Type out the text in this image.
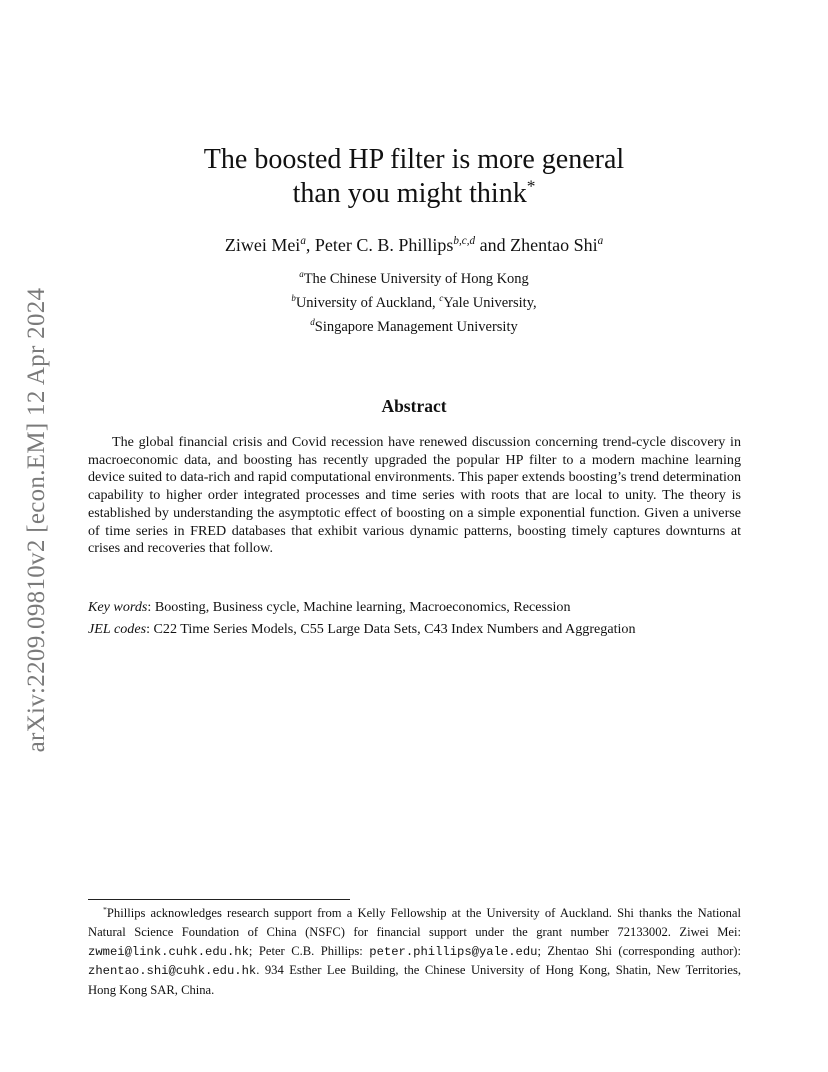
arXiv:2209.09810v2 [econ.EM] 12 Apr 2024
The boosted HP filter is more general
than you might think*
Ziwei Mei$^a$, Peter C. B. Phillips$^{b,c,d}$ and Zhentao Shi$^a$
$^a$The Chinese University of Hong Kong
$^b$University of Auckland, $^c$Yale University,
$^d$Singapore Management University
Abstract

The global financial crisis and Covid recession have renewed discussion concerning trend-cycle discovery in macroeconomic data, and boosting has recently upgraded the popular HP filter to a modern machine learning device suited to data-rich and rapid computational environments. This paper extends boosting’s trend determination capability to higher order integrated processes and time series with roots that are local to unity. The theory is established by understanding the asymptotic effect of boosting on a simple exponential function. Given a universe of time series in FRED databases that exhibit various dynamic patterns, boosting timely captures downturns at crises and recoveries that follow.

Key words: Boosting, Business cycle, Machine learning, Macroeconomics, Recession
JEL codes: C22 Time Series Models, C55 Large Data Sets, C43 Index Numbers and Aggregation

*Phillips acknowledges research support from a Kelly Fellowship at the University of Auckland. Shi thanks the National Natural Science Foundation of China (NSFC) for financial support under the grant number 72133002. Ziwei Mei: zwmei@link.cuhk.edu.hk; Peter C.B. Phillips: peter.phillips@yale.edu; Zhentao Shi (corresponding author): zhentao.shi@cuhk.edu.hk. 934 Esther Lee Building, the Chinese University of Hong Kong, Shatin, New Territories, Hong Kong SAR, China.
